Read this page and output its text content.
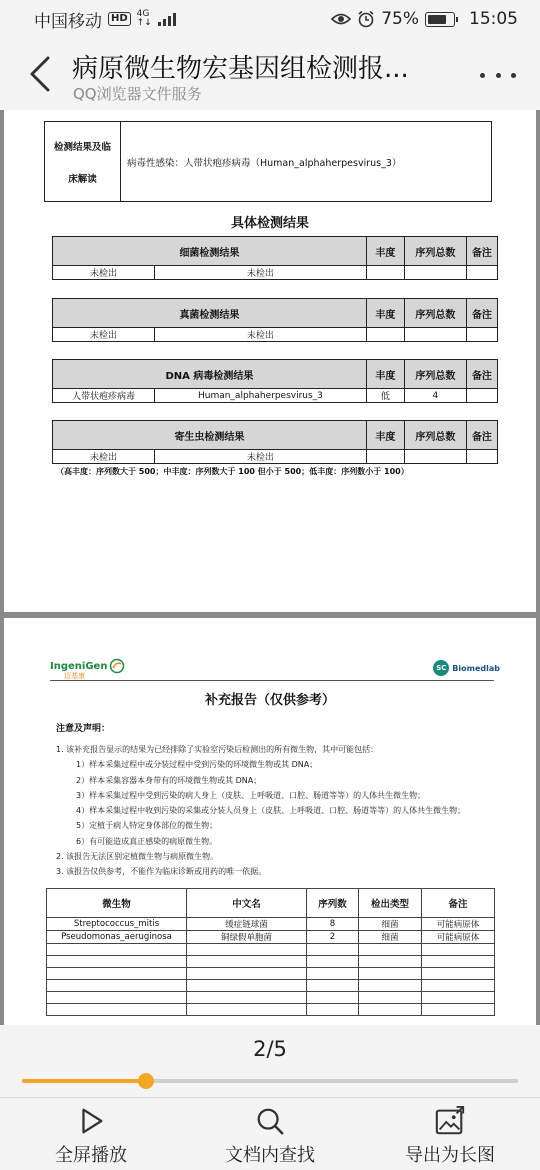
中国移动 HD	4G
↑↓	75%	15:05
病原微生物宏基因组检测报...
QQ浏览器文件服务
检测结果及临
床解读
病毒性感染：人带状疱疹病毒（Human_alphaherpesvirus_3）
具体检测结果
细菌检测结果		丰度	序列总数	备注
未检出	未检出			
真菌检测结果		丰度	序列总数	备注
未检出	未检出			
DNA 病毒检测结果		丰度	序列总数	备注
人带状疱疹病毒	Human_alphaherpesvirus_3	低	4	
寄生虫检测结果		丰度	序列总数	备注
未检出	未检出			
（高丰度：序列数大于 500；中丰度：序列数大于 100 但小于 500；低丰度：序列数小于 100）
IngeniGen
迈基康
SC Biomedlab
补充报告（仅供参考）
注意及声明：
1. 该补充报告显示的结果为已经排除了实验室污染后检测出的所有微生物，其中可能包括：
1）样本采集过程中或分装过程中受到污染的环境微生物或其 DNA；
2）样本采集容器本身带有的环境微生物或其 DNA；
3）样本采集过程中受到污染的病人身上（皮肤、上呼吸道、口腔、肠道等等）的人体共生微生物；
4）样本采集过程中收到污染的采集或分装人员身上（皮肤、上呼吸道、口腔、肠道等等）的人体共生微生物；
5）定植于病人特定身体部位的微生物；
6）有可能造成真正感染的病原微生物。
2. 该报告无法区别定植微生物与病原微生物。
3. 该报告仅供参考，不能作为临床诊断或用药的唯一依据。
微生物	中文名	序列数	检出类型	备注
Streptococcus_mitis	缓症链球菌	8	细菌	可能病原体
Pseudomonas_aeruginosa	铜绿假单胞菌	2	细菌	可能病原体

2/5
全屏播放	文档内查找	导出为长图
